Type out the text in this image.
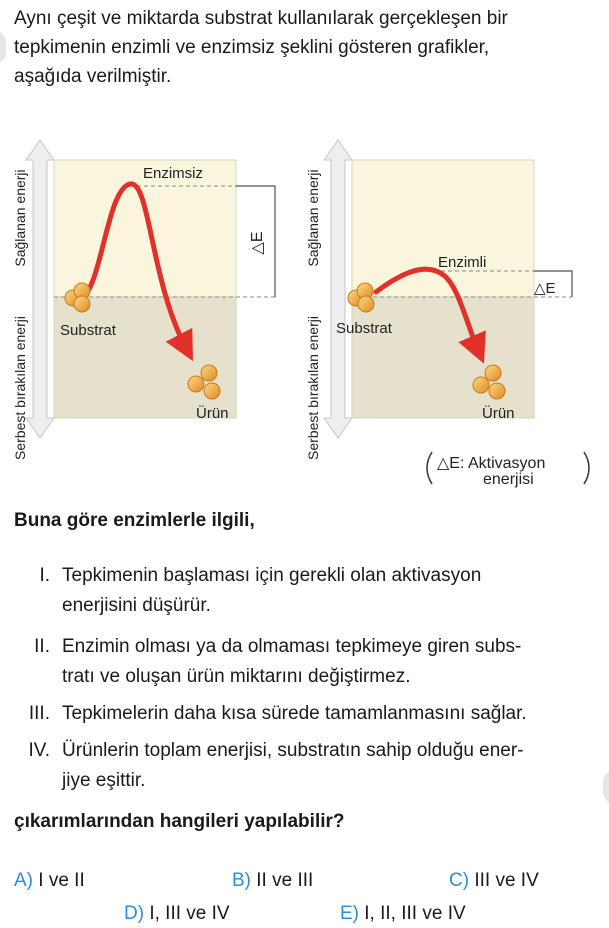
Aynı çeşit ve miktarda substrat kullanılarak gerçekleşen bir
tepkimenin enzimli ve enzimsiz şeklini gösteren grafikler,
aşağıda verilmiştir.
△E
Enzimsiz
Substrat
Ürün
Sağlanan enerji
Serbest bırakılan enerji
△E
Enzimli
Substrat
Ürün
Sağlanan enerji
Serbest bırakılan enerji
△E: Aktivasyon
enerjisi
Buna göre enzimlerle ilgili,
I. Tepkimenin başlaması için gerekli olan aktivasyon
enerjisini düşürür.
II. Enzimin olması ya da olmaması tepkimeye giren subs-
tratı ve oluşan ürün miktarını değiştirmez.
III. Tepkimelerin daha kısa sürede tamamlanmasını sağlar.
IV. Ürünlerin toplam enerjisi, substratın sahip olduğu ener-
jiye eşittir.
çıkarımlarından hangileri yapılabilir?
A) I ve II	B) II ve III	C) III ve IV
D) I, III ve IV	E) I, II, III ve IV
